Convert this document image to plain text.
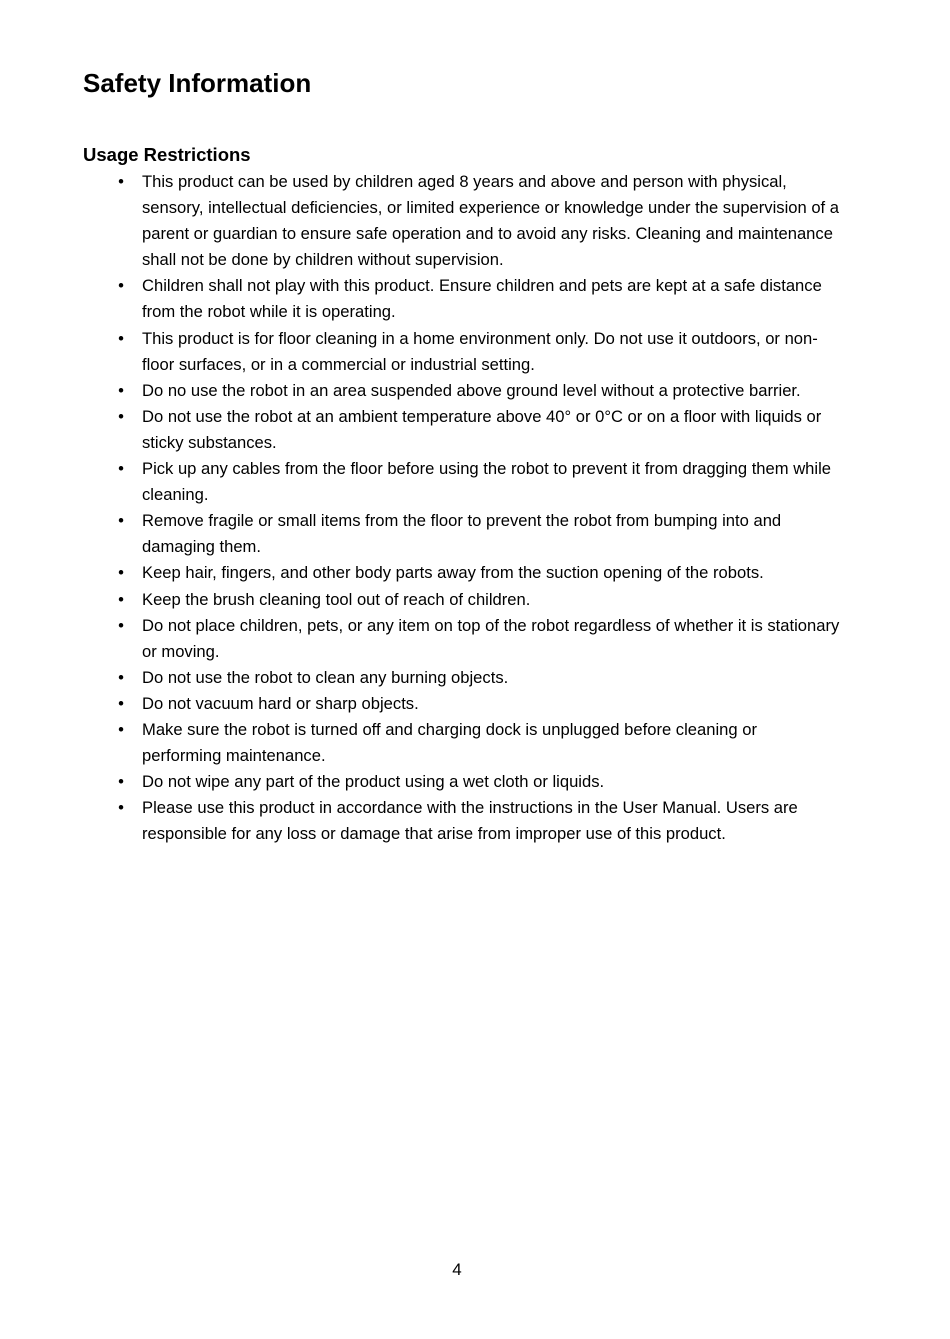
Safety Information
Usage Restrictions
• This product can be used by children aged 8 years and above and person with physical, sensory, intellectual deficiencies, or limited experience or knowledge under the supervision of a parent or guardian to ensure safe operation and to avoid any risks. Cleaning and maintenance shall not be done by children without supervision.
• Children shall not play with this product. Ensure children and pets are kept at a safe distance from the robot while it is operating.
• This product is for floor cleaning in a home environment only. Do not use it outdoors, or non-floor surfaces, or in a commercial or industrial setting.
• Do no use the robot in an area suspended above ground level without a protective barrier.
• Do not use the robot at an ambient temperature above 40° or 0°C or on a floor with liquids or sticky substances.
• Pick up any cables from the floor before using the robot to prevent it from dragging them while cleaning.
• Remove fragile or small items from the floor to prevent the robot from bumping into and damaging them.
• Keep hair, fingers, and other body parts away from the suction opening of the robots.
• Keep the brush cleaning tool out of reach of children.
• Do not place children, pets, or any item on top of the robot regardless of whether it is stationary or moving.
• Do not use the robot to clean any burning objects.
• Do not vacuum hard or sharp objects.
• Make sure the robot is turned off and charging dock is unplugged before cleaning or performing maintenance.
• Do not wipe any part of the product using a wet cloth or liquids.
• Please use this product in accordance with the instructions in the User Manual. Users are responsible for any loss or damage that arise from improper use of this product.
4
